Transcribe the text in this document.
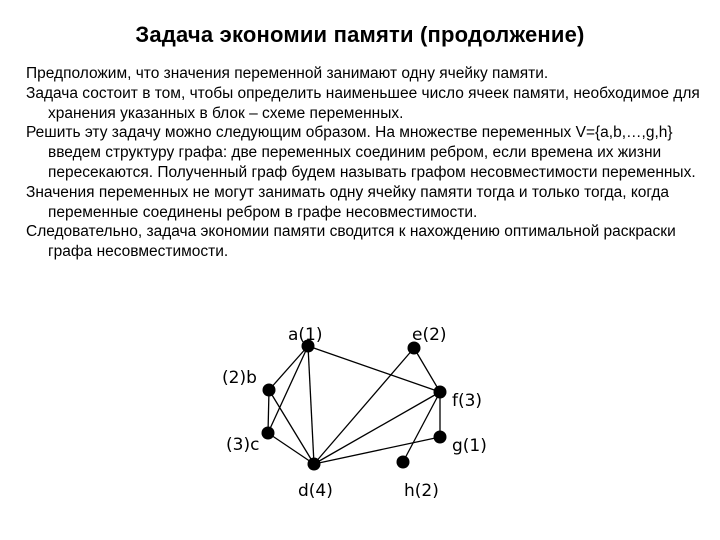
Задача экономии памяти (продолжение)

Предположим, что значения переменной занимают одну ячейку памяти.

Задача состоит в том, чтобы определить наименьшее число ячеек памяти, необходимое для хранения указанных в блок – схеме переменных.

Решить эту задачу можно следующим образом. На множестве переменных V={a,b,…,g,h} введем структуру графа: две переменных соединим ребром, если времена их жизни пересекаются. Полученный граф будем называть графом несовместимости переменных.

Значения переменных не могут занимать одну ячейку памяти тогда и только тогда, когда переменные соединены ребром в графе несовместимости.

Следовательно, задача экономии памяти сводится к нахождению оптимальной раскраски графа несовместимости.

a(1)	e(2)
(2)b
f(3)
(3)c	g(1)
d(4)	h(2)
